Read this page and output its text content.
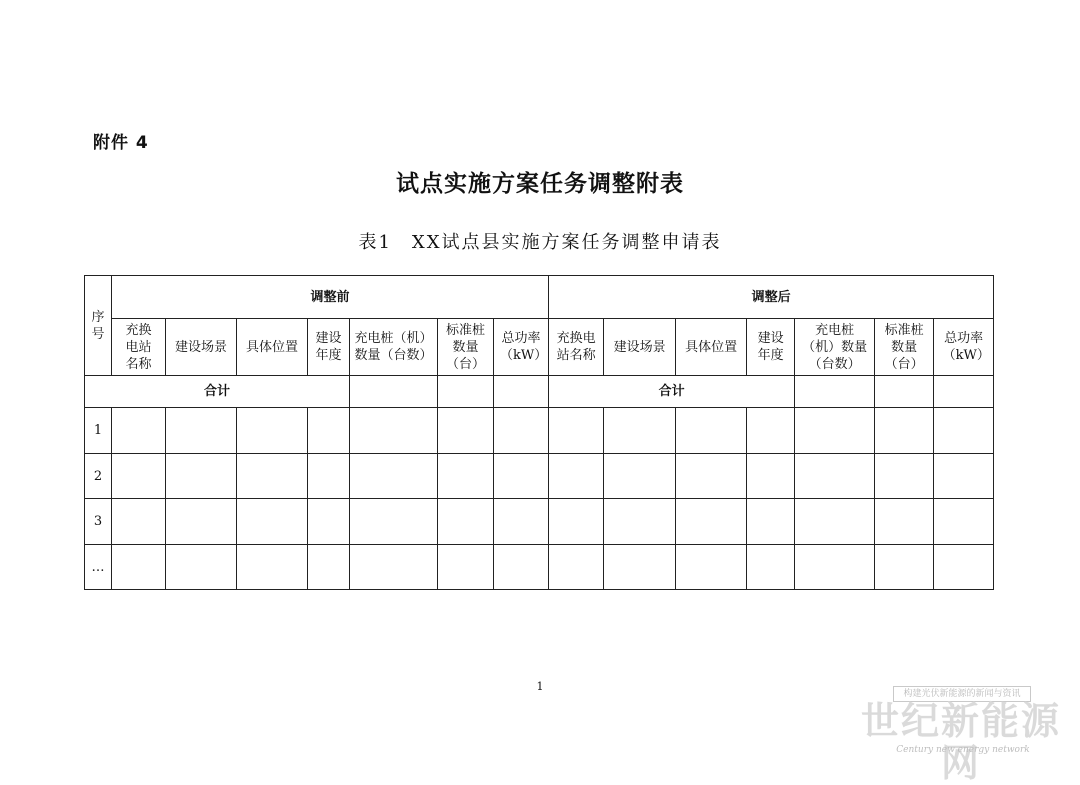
附件 4
试点实施方案任务调整附表
表1　XX试点县实施方案任务调整申请表
序号	调整前							调整后						

	充换电站名称	建设场景	具体位置	建设年度	充电桩（机）数量（台数）	标准桩数量（台）	总功率（kW）	充换电站名称	建设场景	具体位置	建设年度	充电桩（机）数量（台数）	标准桩数量（台）	总功率（kW）

合计								合计						
1														
2														
3														
…														
1
构建光伏新能源的新闻与资讯
世纪新能源网
Century new energy network
